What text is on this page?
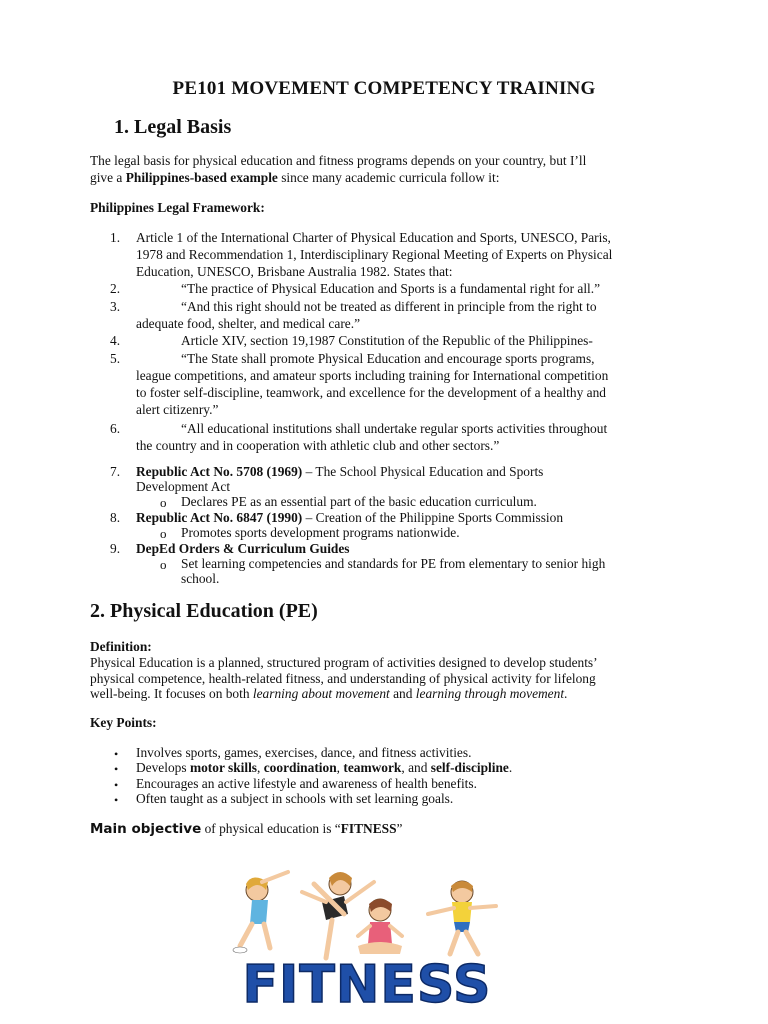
PE101 MOVEMENT COMPETENCY TRAINING
1. Legal Basis
The legal basis for physical education and fitness programs depends on your country, but I’ll
give a Philippines-based example since many academic curricula follow it:
Philippines Legal Framework:
1. Article 1 of the International Charter of Physical Education and Sports, UNESCO, Paris,
1978 and Recommendation 1, Interdisciplinary Regional Meeting of Experts on Physical
Education, UNESCO, Brisbane Australia 1982. States that:
2.	“The practice of Physical Education and Sports is a fundamental right for all.”
3.	“And this right should not be treated as different in principle from the right to
adequate food, shelter, and medical care.”
4.	Article XIV, section 19,1987 Constitution of the Republic of the Philippines-
5.	“The State shall promote Physical Education and encourage sports programs,
league competitions, and amateur sports including training for International competition
to foster self-discipline, teamwork, and excellence for the development of a healthy and
alert citizenry.”
6.	“All educational institutions shall undertake regular sports activities throughout
the country and in cooperation with athletic club and other sectors.”
7. Republic Act No. 5708 (1969) – The School Physical Education and Sports
Development Act
o Declares PE as an essential part of the basic education curriculum.
8. Republic Act No. 6847 (1990) – Creation of the Philippine Sports Commission
o Promotes sports development programs nationwide.
9. DepEd Orders & Curriculum Guides
o Set learning competencies and standards for PE from elementary to senior high
school.
2. Physical Education (PE)
Definition:
Physical Education is a planned, structured program of activities designed to develop students’
physical competence, health-related fitness, and understanding of physical activity for lifelong
well-being. It focuses on both learning about movement and learning through movement.
Key Points:
• Involves sports, games, exercises, dance, and fitness activities.
• Develops motor skills, coordination, teamwork, and self-discipline.
• Encourages an active lifestyle and awareness of health benefits.
• Often taught as a subject in schools with set learning goals.
Main objective of physical education is “FITNESS”
FITNESS
